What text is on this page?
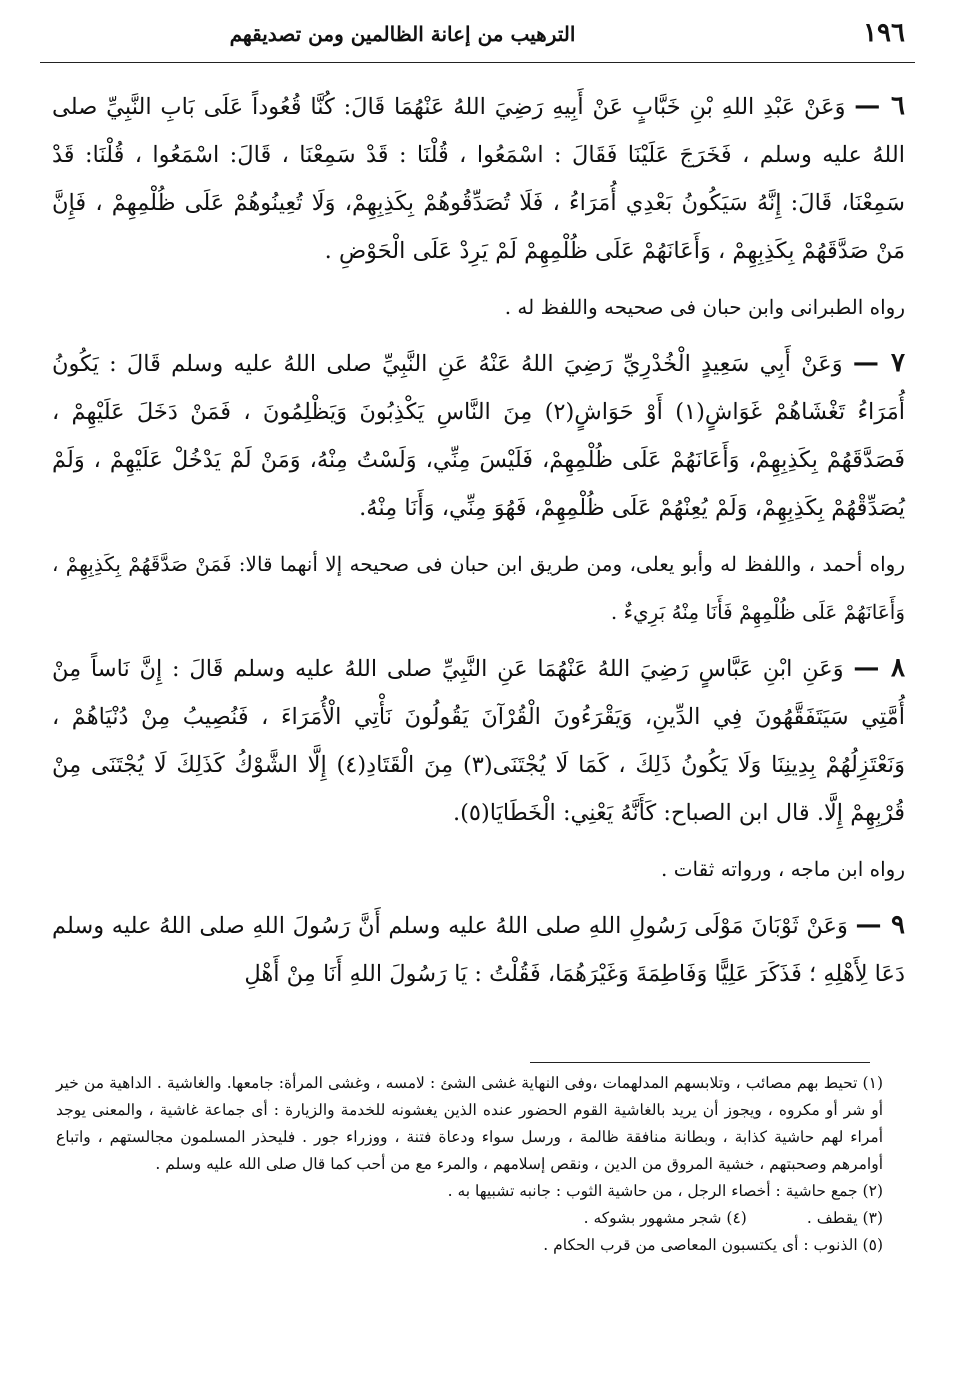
١٩٦
الترهيب من إعانة الظالمين ومن تصديقهم

٦ — وَعَنْ عَبْدِ اللهِ بْنِ خَبَّابٍ عَنْ أَبِيهِ رَضِيَ اللهُ عَنْهُمَا قَالَ: كُنَّا قُعُوداً عَلَى بَابِ النَّبِيِّ صلى اللهُ عليه وسلم ، فَخَرَجَ عَلَيْنَا فَقَالَ : اسْمَعُوا ، قُلْنَا : قَدْ سَمِعْنَا ، قَالَ: اسْمَعُوا ، قُلْنَا: قَدْ سَمِعْنَا، قَالَ: إِنَّهُ سَيَكُونُ بَعْدِي أُمَرَاءُ ، فَلَا تُصَدِّقُوهُمْ بِكَذِبِهِمْ، وَلَا تُعِينُوهُمْ عَلَى ظُلْمِهِمْ ، فَإِنَّ مَنْ صَدَّقَهُمْ بِكَذِبِهِمْ ، وَأَعَانَهُمْ عَلَى ظُلْمِهِمْ لَمْ يَرِدْ عَلَى الْحَوْضِ .

رواه الطبرانى وابن حبان فى صحيحه واللفظ له .

٧ — وَعَنْ أَبِي سَعِيدٍ الْخُدْرِيِّ رَضِيَ اللهُ عَنْهُ عَنِ النَّبِيِّ صلى اللهُ عليه وسلم قَالَ : يَكُونُ أُمَرَاءُ تَغْشَاهُمْ غَوَاشٍ(١) أَوْ حَوَاشٍ(٢) مِنَ النَّاسِ يَكْذِبُونَ وَيَظْلِمُونَ ، فَمَنْ دَخَلَ عَلَيْهِمْ ، فَصَدَّقَهُمْ بِكَذِبِهِمْ، وَأَعَانَهُمْ عَلَى ظُلْمِهِمْ، فَلَيْسَ مِنِّي، وَلَسْتُ مِنْهُ، وَمَنْ لَمْ يَدْخُلْ عَلَيْهِمْ ، وَلَمْ يُصَدِّقْهُمْ بِكَذِبِهِمْ، وَلَمْ يُعِنْهُمْ عَلَى ظُلْمِهِمْ، فَهُوَ مِنِّي، وَأَنَا مِنْهُ.

رواه أحمد ، واللفظ له وأبو يعلى، ومن طريق ابن حبان فى صحيحه إلا أنهما قالا: فَمَنْ صَدَّقَهُمْ بِكَذِبِهِمْ ، وَأَعَانَهُمْ عَلَى ظُلْمِهِمْ فَأَنَا مِنْهُ بَرِيءٌ .

٨ — وَعَنِ ابْنِ عَبَّاسٍ رَضِيَ اللهُ عَنْهُمَا عَنِ النَّبِيِّ صلى اللهُ عليه وسلم قَالَ : إِنَّ نَاساً مِنْ أُمَّتِي سَيَتَفَقَّهُونَ فِي الدِّينِ، وَيَقْرَءُونَ الْقُرْآنَ يَقُولُونَ نَأْتِي الْأُمَرَاءَ ، فَنُصِيبُ مِنْ دُنْيَاهُمْ ، وَنَعْتَزِلُهُمْ بِدِينِنَا وَلَا يَكُونُ ذَلِكَ ، كَمَا لَا يُجْتَنَى(٣) مِنَ الْقَتَادِ(٤) إِلَّا الشَّوْكُ كَذَلِكَ لَا يُجْتَنَى مِنْ قُرْبِهِمْ إِلَّا. قال ابن الصباح: كَأَنَّهُ يَعْنِي: الْخَطَايَا(٥).

رواه ابن ماجه ، ورواته ثقات .

٩ — وَعَنْ ثَوْبَانَ مَوْلَى رَسُولِ اللهِ صلى اللهُ عليه وسلم أَنَّ رَسُولَ اللهِ صلى اللهُ عليه وسلم دَعَا لِأَهْلِهِ ؛ فَذَكَرَ عَلِيًّا وَفَاطِمَةَ وَغَيْرَهُمَا، فَقُلْتُ : يَا رَسُولَ اللهِ أَنَا مِنْ أَهْلِ

(١) تحيط بهم مصائب ، وتلابسهم المدلهمات ،وفى النهاية غشى الشئ : لامسه ، وغشى المرأة: جامعها. والغاشية . الداهية من خير أو شر أو مكروه ، ويجوز أن يريد بالغاشية القوم الحضور عنده الذين يغشونه للخدمة والزيارة : أى جماعة غاشية ، والمعنى يوجد أمراء لهم حاشية كذابة ، وبطانة منافقة ظالمة ، ورسل سواء ودعاة فتنة ، ووزراء جور . فليحذر المسلمون مجالستهم ، واتباع أوامرهم وصحبتهم ، خشية المروق من الدين ، ونقص إسلامهم ، والمرء مع من أحب كما قال صلى الله عليه وسلم .

(٢) جمع حاشية : أخصاء الرجل ، من حاشية الثوب : جانبه تشبيها به .

(٣) يقطف .
(٤) شجر مشهور بشوكه .

(٥) الذنوب : أى يكتسبون المعاصى من قرب الحكام .
